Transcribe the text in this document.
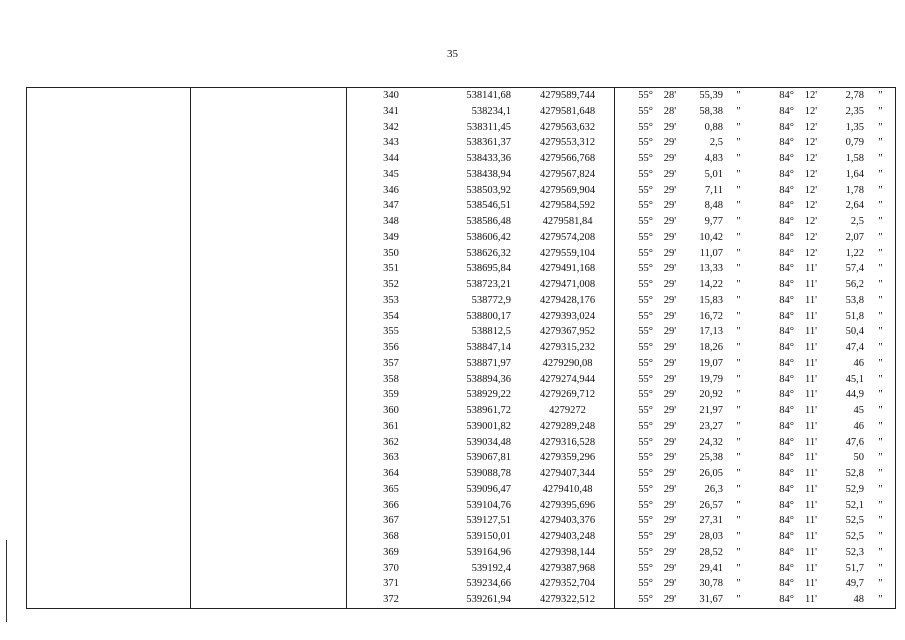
35
		340	538141,68	4279589,744	55°	28'	55,39	"	84°	12'	2,78	"
		341	538234,1	4279581,648	55°	28'	58,38	"	84°	12'	2,35	"
		342	538311,45	4279563,632	55°	29'	0,88	"	84°	12'	1,35	"
		343	538361,37	4279553,312	55°	29'	2,5	"	84°	12'	0,79	"
		344	538433,36	4279566,768	55°	29'	4,83	"	84°	12'	1,58	"
		345	538438,94	4279567,824	55°	29'	5,01	"	84°	12'	1,64	"
		346	538503,92	4279569,904	55°	29'	7,11	"	84°	12'	1,78	"
		347	538546,51	4279584,592	55°	29'	8,48	"	84°	12'	2,64	"
		348	538586,48	4279581,84	55°	29'	9,77	"	84°	12'	2,5	"
		349	538606,42	4279574,208	55°	29'	10,42	"	84°	12'	2,07	"
		350	538626,32	4279559,104	55°	29'	11,07	"	84°	12'	1,22	"
		351	538695,84	4279491,168	55°	29'	13,33	"	84°	11'	57,4	"
		352	538723,21	4279471,008	55°	29'	14,22	"	84°	11'	56,2	"
		353	538772,9	4279428,176	55°	29'	15,83	"	84°	11'	53,8	"
		354	538800,17	4279393,024	55°	29'	16,72	"	84°	11'	51,8	"
		355	538812,5	4279367,952	55°	29'	17,13	"	84°	11'	50,4	"
		356	538847,14	4279315,232	55°	29'	18,26	"	84°	11'	47,4	"
		357	538871,97	4279290,08	55°	29'	19,07	"	84°	11'	46	"
		358	538894,36	4279274,944	55°	29'	19,79	"	84°	11'	45,1	"
		359	538929,22	4279269,712	55°	29'	20,92	"	84°	11'	44,9	"
		360	538961,72	4279272	55°	29'	21,97	"	84°	11'	45	"
		361	539001,82	4279289,248	55°	29'	23,27	"	84°	11'	46	"
		362	539034,48	4279316,528	55°	29'	24,32	"	84°	11'	47,6	"
		363	539067,81	4279359,296	55°	29'	25,38	"	84°	11'	50	"
		364	539088,78	4279407,344	55°	29'	26,05	"	84°	11'	52,8	"
		365	539096,47	4279410,48	55°	29'	26,3	"	84°	11'	52,9	"
		366	539104,76	4279395,696	55°	29'	26,57	"	84°	11'	52,1	"
		367	539127,51	4279403,376	55°	29'	27,31	"	84°	11'	52,5	"
		368	539150,01	4279403,248	55°	29'	28,03	"	84°	11'	52,5	"
		369	539164,96	4279398,144	55°	29'	28,52	"	84°	11'	52,3	"
		370	539192,4	4279387,968	55°	29'	29,41	"	84°	11'	51,7	"
		371	539234,66	4279352,704	55°	29'	30,78	"	84°	11'	49,7	"
		372	539261,94	4279322,512	55°	29'	31,67	"	84°	11'	48	"
